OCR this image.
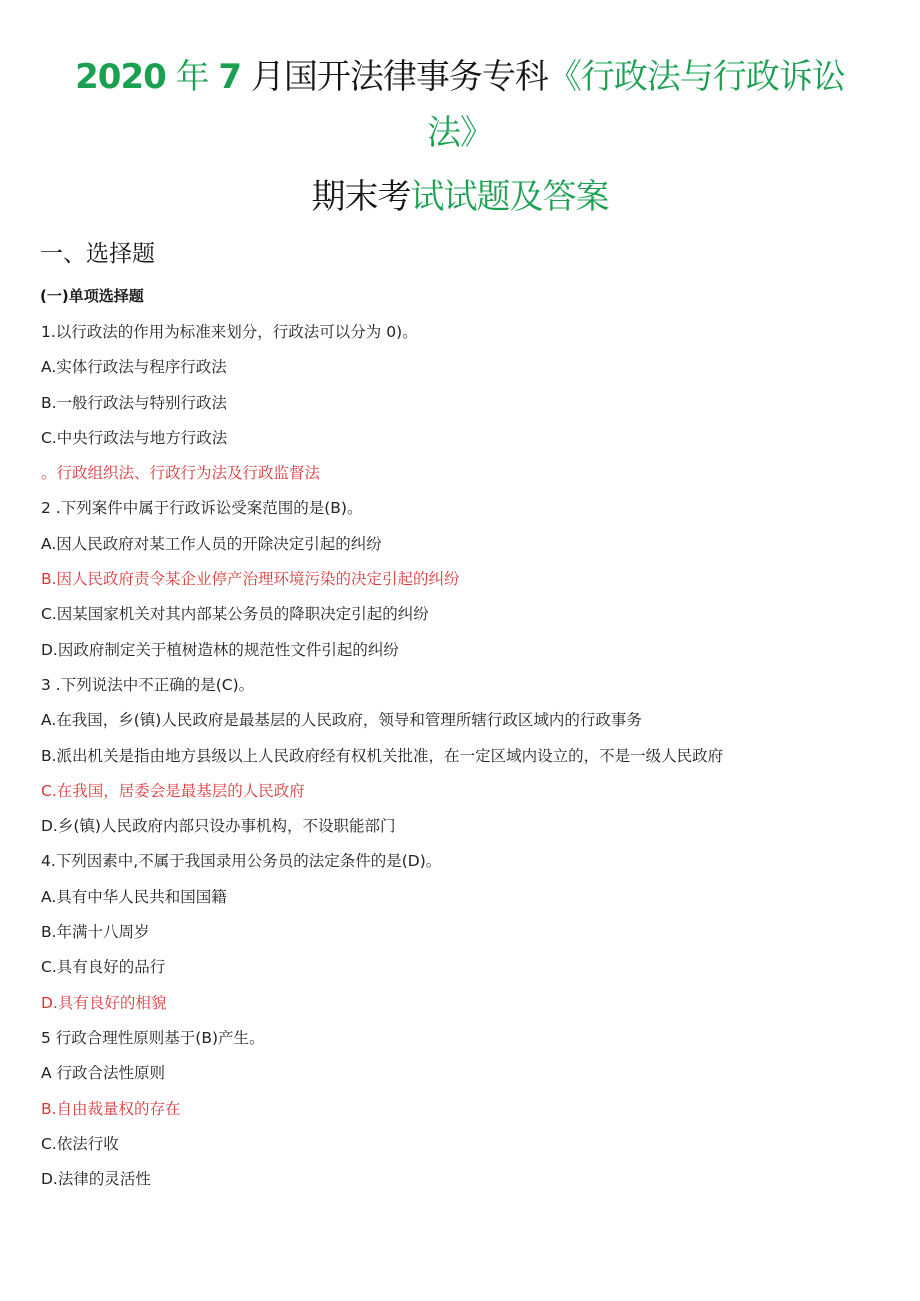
2020 年 7 月国开法律事务专科《行政法与行政诉讼
法》
期末考试试题及答案
一、选择题
(一)单项选择题
1.以行政法的作用为标准来划分，行政法可以分为 0)。
A.实体行政法与程序行政法
B.一般行政法与特别行政法
C.中央行政法与地方行政法
。行政组织法、行政行为法及行政监督法
2 .下列案件中属于行政诉讼受案范围的是(B)。
A.因人民政府对某工作人员的开除决定引起的纠纷
B.因人民政府责令某企业停产治理环境污染的决定引起的纠纷
C.因某国家机关对其内部某公务员的降职决定引起的纠纷
D.因政府制定关于植树造林的规范性文件引起的纠纷
3 .下列说法中不正确的是(C)。
A.在我国，乡(镇)人民政府是最基层的人民政府，领导和管理所辖行政区域内的行政事务
B.派出机关是指由地方县级以上人民政府经有权机关批准，在一定区域内设立的，不是一级人民政府
C.在我国，居委会是最基层的人民政府
D.乡(镇)人民政府内部只设办事机构，不设职能部门
4.下列因素中,不属于我国录用公务员的法定条件的是(D)。
A.具有中华人民共和国国籍
B.年满十八周岁
C.具有良好的品行
D.具有良好的相貌
5 行政合理性原则基于(B)产生。
A 行政合法性原则
B.自由裁量权的存在
C.依法行收
D.法律的灵活性
